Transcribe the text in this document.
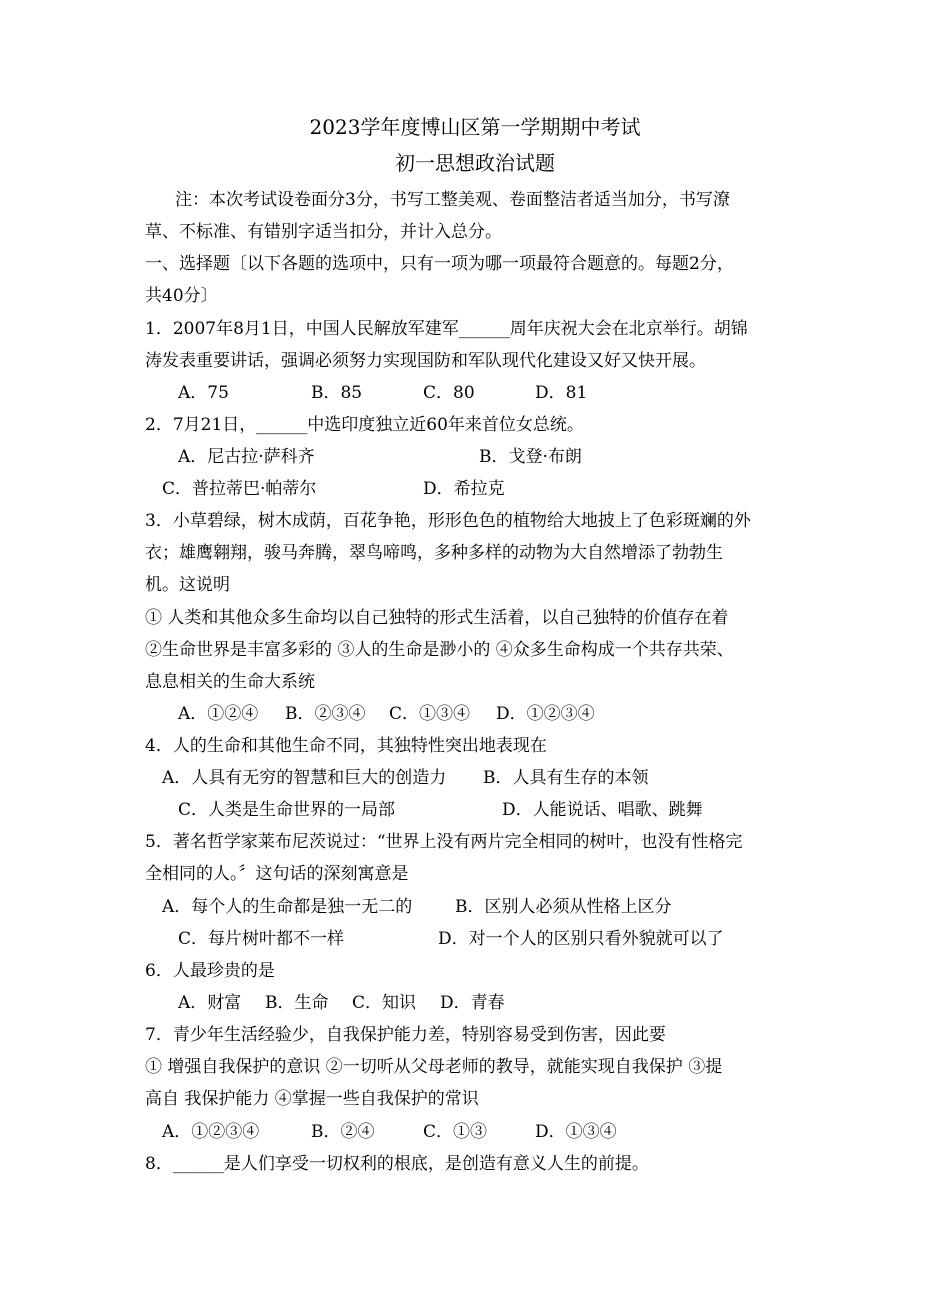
2023学年度博山区第一学期期中考试
初一思想政治试题
注：本次考试设卷面分3分，书写工整美观、卷面整洁者适当加分，书写潦
草、不标准、有错别字适当扣分，并计入总分。
一、选择题〔以下各题的选项中，只有一项为哪一项最符合题意的。每题2分，
共40分〕
1．2007年8月1日，中国人民解放军建军______周年庆祝大会在北京举行。胡锦
涛发表重要讲话，强调必须努力实现国防和军队现代化建设又好又快开展。
A．75	B．85	C．80	D．81
2．7月21日，______中选印度独立近60年来首位女总统。
A．尼古拉·萨科齐	B．戈登·布朗
C．普拉蒂巴·帕蒂尔	D．希拉克
3．小草碧绿，树木成荫，百花争艳，形形色色的植物给大地披上了色彩斑斓的外
衣；雄鹰翱翔，骏马奔腾，翠鸟啼鸣，多种多样的动物为大自然增添了勃勃生
机。这说明
① 人类和其他众多生命均以自己独特的形式生活着，以自己独特的价值存在着
②生命世界是丰富多彩的 ③人的生命是渺小的 ④众多生命构成一个共存共荣、
息息相关的生命大系统
A．①②④ B．②③④ C．①③④ D．①②③④
4．人的生命和其他生命不同，其独特性突出地表现在
A．人具有无穷的智慧和巨大的创造力 B．人具有生存的本领
C．人类是生命世界的一局部	D．人能说话、唱歌、跳舞
5．著名哲学家莱布尼茨说过：“世界上没有两片完全相同的树叶，也没有性格完
全相同的人。〞这句话的深刻寓意是
A．每个人的生命都是独一无二的	B．区别人必须从性格上区分
C．每片树叶都不一样	D．对一个人的区别只看外貌就可以了
6．人最珍贵的是
A．财富 B．生命 C．知识 D．青春
7．青少年生活经验少，自我保护能力差，特别容易受到伤害，因此要
① 增强自我保护的意识 ②一切听从父母老师的教导，就能实现自我保护 ③提
高自 我保护能力 ④掌握一些自我保护的常识
A．①②③④	B．②④	C．①③	D．①③④
8．______是人们享受一切权利的根底，是创造有意义人生的前提。
